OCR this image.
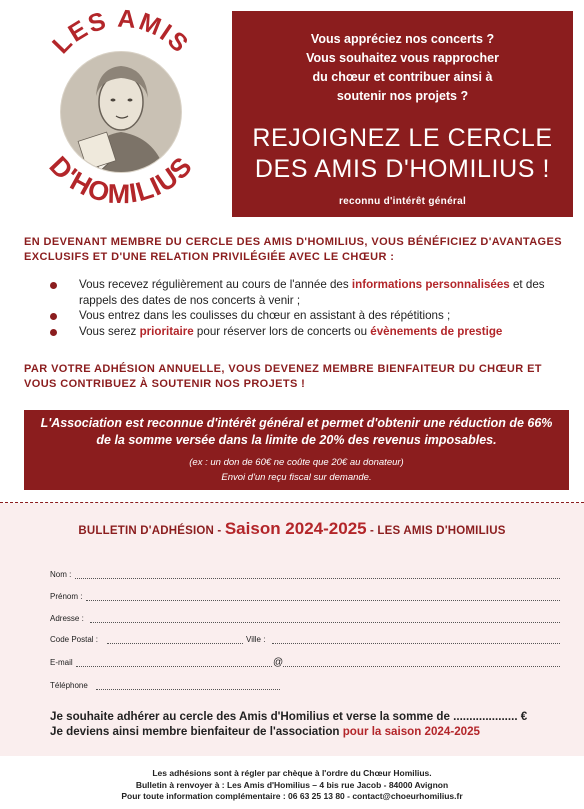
LES AMIS
D'HOMILIUS
Vous appréciez nos concerts ?
Vous souhaitez vous rapprocher
du chœur et contribuer ainsi à
soutenir nos projets ?
REJOIGNEZ LE CERCLE
DES AMIS D'HOMILIUS !
reconnu d'intérêt général
EN DEVENANT MEMBRE DU CERCLE DES AMIS D'HOMILIUS, VOUS BÉNÉFICIEZ D'AVANTAGES EXCLUSIFS ET D'UNE RELATION PRIVILÉGIÉE AVEC LE CHŒUR :
Vous recevez régulièrement au cours de l'année des informations personnalisées et des rappels des dates de nos concerts à venir ;
Vous entrez dans les coulisses du chœur en assistant à des répétitions ;
Vous serez prioritaire pour réserver lors de concerts ou évènements de prestige
PAR VOTRE ADHÉSION ANNUELLE, VOUS DEVENEZ MEMBRE BIENFAITEUR DU CHŒUR ET VOUS CONTRIBUEZ À SOUTENIR NOS PROJETS !
L'Association est reconnue d'intérêt général et permet d'obtenir une réduction de 66% de la somme versée dans la limite de 20% des revenus imposables.
(ex : un don de 60€ ne coûte que 20€ au donateur)
Envoi d'un reçu fiscal sur demande.
BULLETIN D'ADHÉSION - Saison 2024-2025 - LES AMIS D'HOMILIUS
Nom :
Prénom :
Adresse :
Code Postal :	Ville :
E-mail	@
Téléphone
Je souhaite adhérer au cercle des Amis d'Homilius et verse la somme de .................... €
Je deviens ainsi membre bienfaiteur de l'association pour la saison 2024-2025
Les adhésions sont à régler par chèque à l'ordre du Chœur Homilius.
Bulletin à renvoyer à : Les Amis d'Homilius – 4 bis rue Jacob - 84000 Avignon
Pour toute information complémentaire : 06 63 25 13 80 - contact@choeurhomilius.fr
